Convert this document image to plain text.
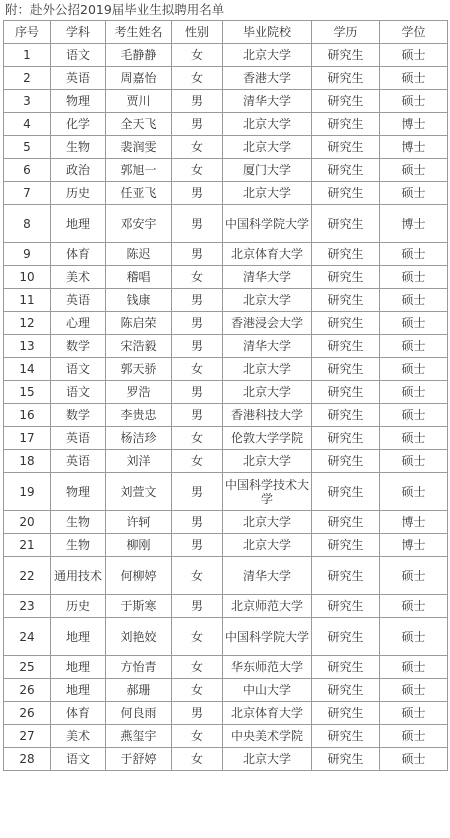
附：赴外公招2019届毕业生拟聘用名单
序号	学科	考生姓名	性别	毕业院校	学历	学位
1	语文	毛静静	女	北京大学	研究生	硕士
2	英语	周嘉怡	女	香港大学	研究生	硕士
3	物理	贾川	男	清华大学	研究生	硕士
4	化学	全天飞	男	北京大学	研究生	博士
5	生物	裴润雯	女	北京大学	研究生	博士
6	政治	郭旭一	女	厦门大学	研究生	硕士
7	历史	任亚飞	男	北京大学	研究生	硕士
8	地理	邓安宇	男	中国科学院大学	研究生	博士
9	体育	陈迟	男	北京体育大学	研究生	硕士
10	美术	稽唱	女	清华大学	研究生	硕士
11	英语	钱康	男	北京大学	研究生	硕士
12	心理	陈启荣	男	香港浸会大学	研究生	硕士
13	数学	宋浩毅	男	清华大学	研究生	硕士
14	语文	郭天骄	女	北京大学	研究生	硕士
15	语文	罗浩	男	北京大学	研究生	硕士
16	数学	李贵忠	男	香港科技大学	研究生	硕士
17	英语	杨洁珍	女	伦敦大学学院	研究生	硕士
18	英语	刘洋	女	北京大学	研究生	硕士
19	物理	刘萱文	男	中国科学技术大学	研究生	硕士
20	生物	许轲	男	北京大学	研究生	博士
21	生物	柳刚	男	北京大学	研究生	博士
22	通用技术	何柳婷	女	清华大学	研究生	硕士
23	历史	于斯寒	男	北京师范大学	研究生	硕士
24	地理	刘艳姣	女	中国科学院大学	研究生	硕士
25	地理	方怡青	女	华东师范大学	研究生	硕士
26	地理	郝珊	女	中山大学	研究生	硕士
26	体育	何良雨	男	北京体育大学	研究生	硕士
27	美术	燕玺宇	女	中央美术学院	研究生	硕士
28	语文	于舒婷	女	北京大学	研究生	硕士
